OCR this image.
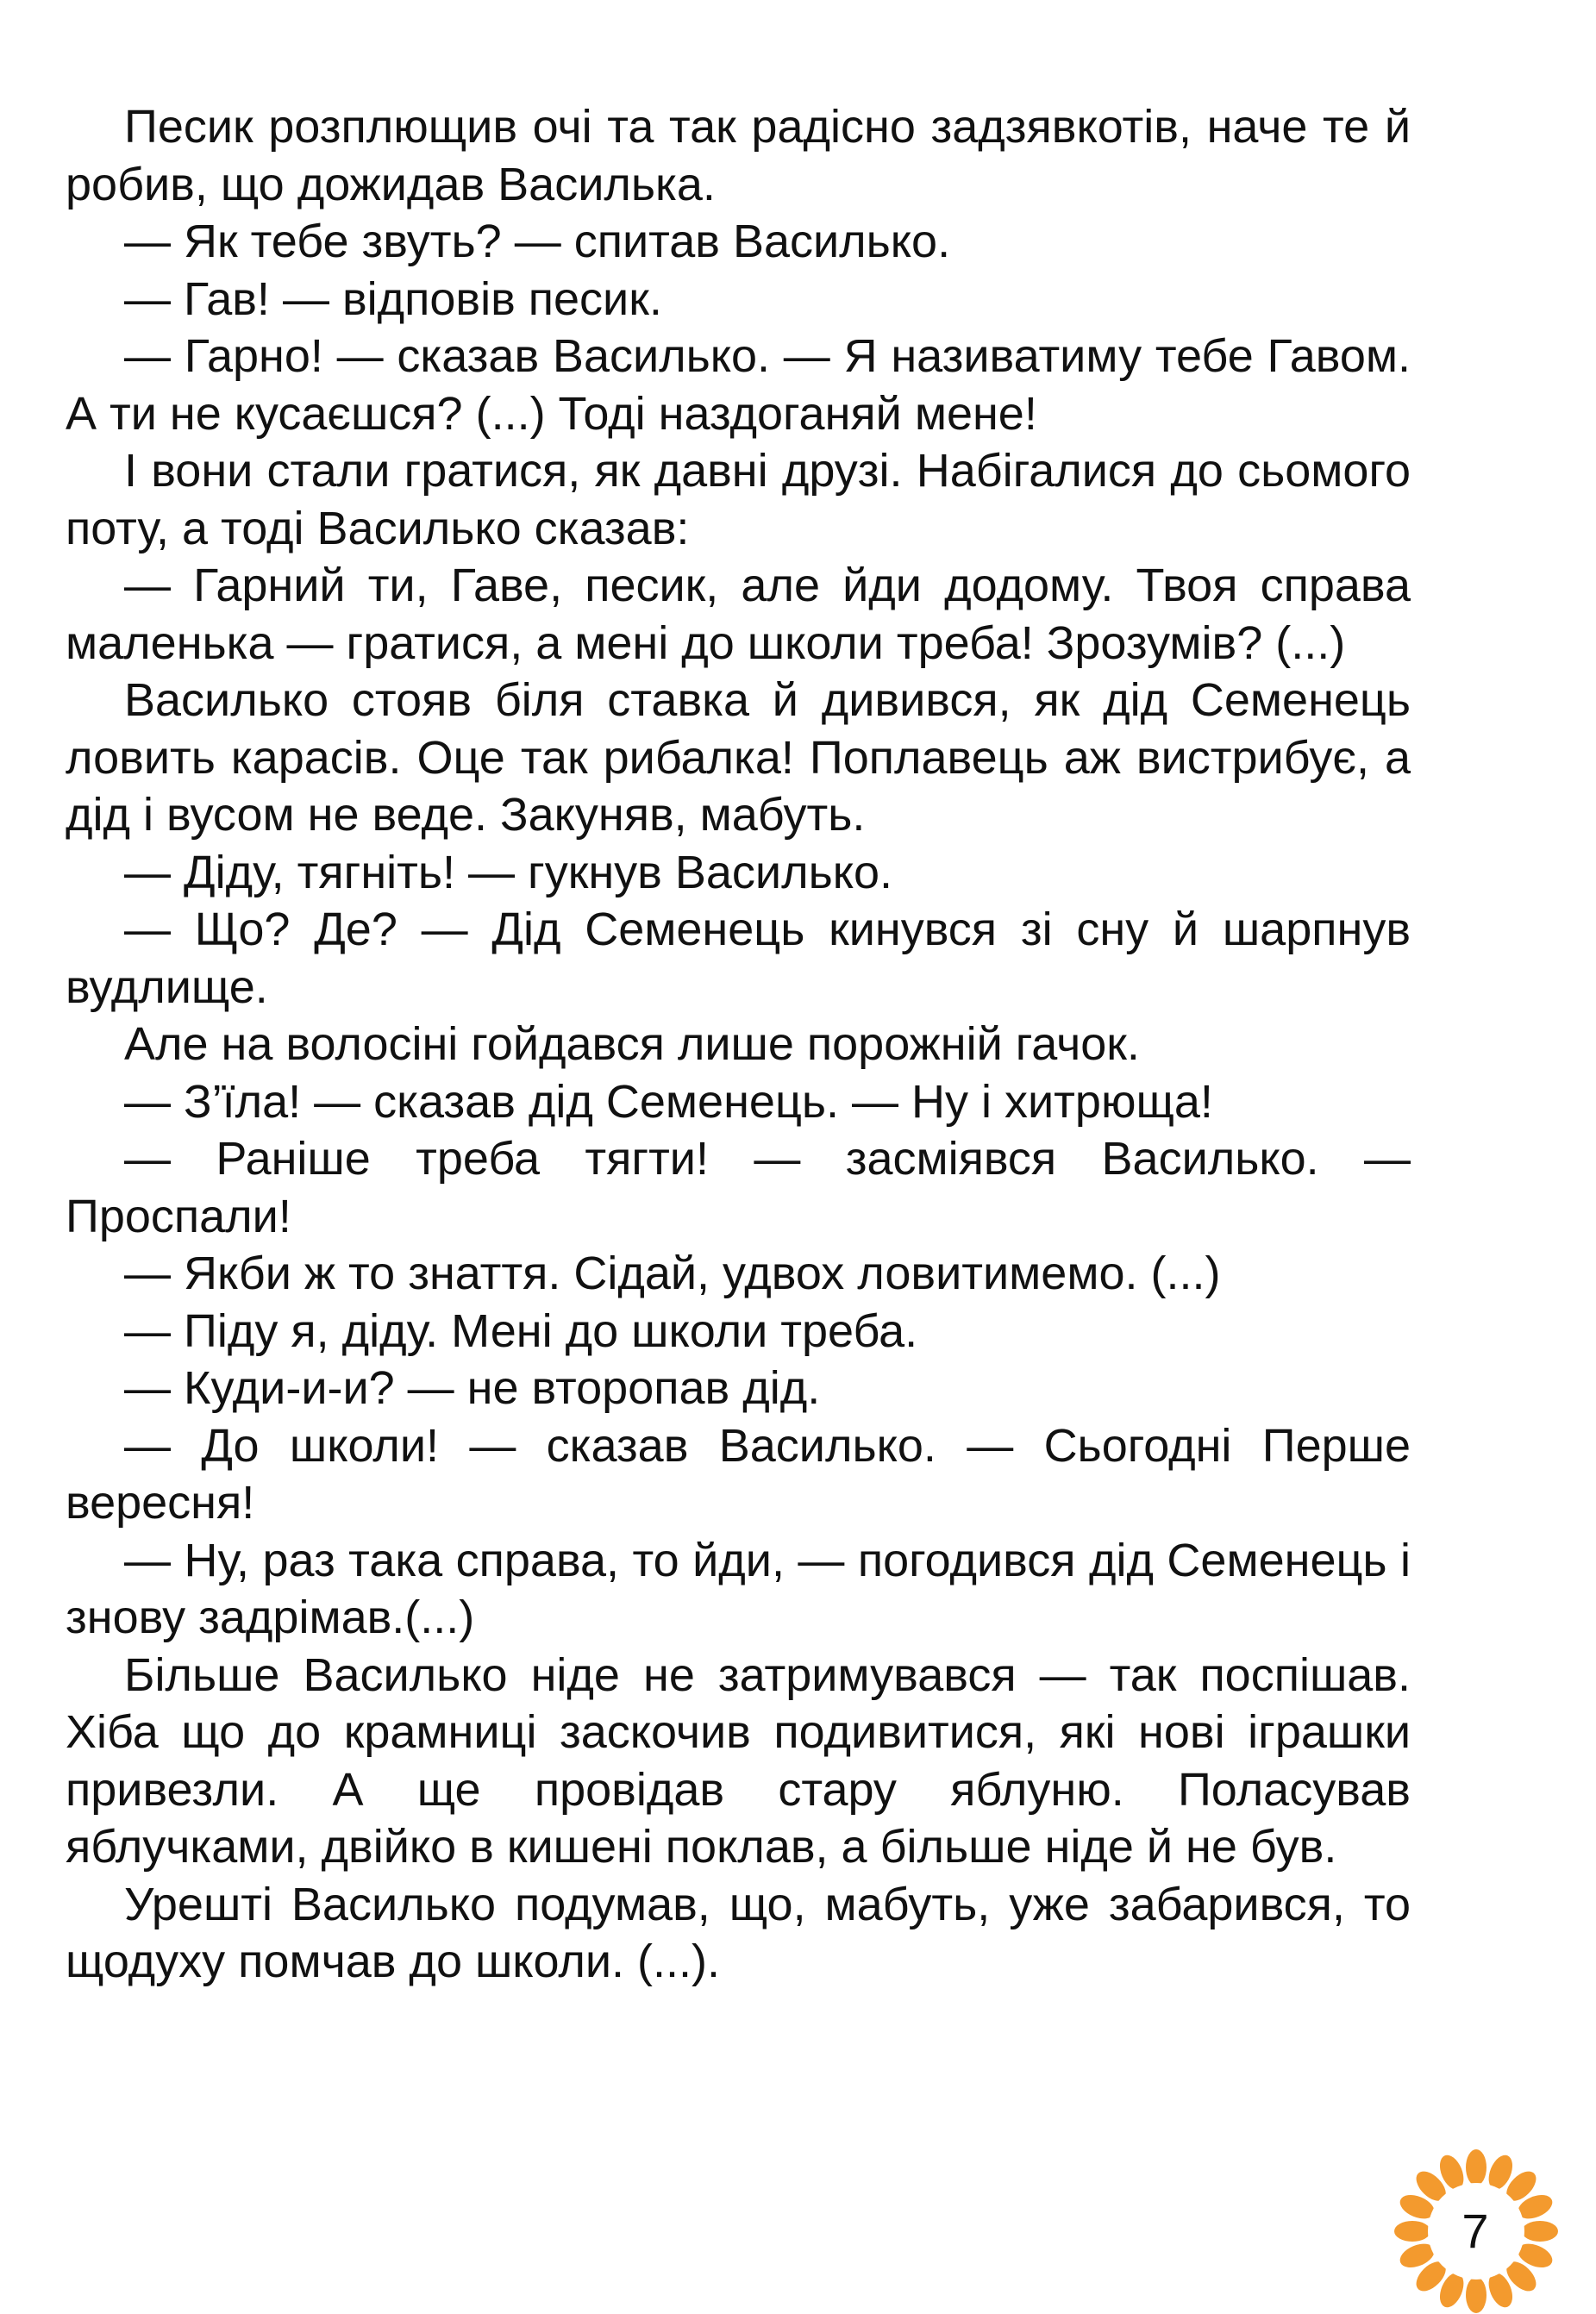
Песик розплющив очі та так радісно задзявкотів, наче те й робив, що дожидав Василька.

— Як тебе звуть? — спитав Василько.

— Гав! — відповів песик.

— Гарно! — сказав Василько. — Я називатиму тебе Гавом. А ти не кусаєшся? (...) Тоді наздоганяй мене!

І вони стали гратися, як давні друзі. Набігалися до сьомого поту, а тоді Василько сказав:

— Гарний ти, Гаве, песик, але йди додому. Твоя справа маленька — гратися, а мені до школи треба! Зрозумів? (...)

Василько стояв біля ставка й дивився, як дід Семенець ловить карасів. Оце так рибалка! Поплавець аж вистрибує, а дід і вусом не веде. Закуняв, мабуть.

— Діду, тягніть! — гукнув Василько.

— Що? Де? — Дід Семенець кинувся зі сну й шарпнув вудлище.

Але на волосіні гойдався лише порожній гачок.

— З’їла! — сказав дід Семенець. — Ну і хитрюща!

— Раніше треба тягти! — засміявся Василько. — Проспали!

— Якби ж то знаття. Сідай, удвох ловитимемо. (...)

— Піду я, діду. Мені до школи треба.

— Куди-и-и? — не второпав дід.

— До школи! — сказав Василько. — Сьогодні Перше вересня!

— Ну, раз така справа, то йди, — погодився дід Семенець і знову задрімав.(...)

Більше Василько ніде не затримувався — так поспішав. Хіба що до крамниці заскочив подивитися, які нові іграшки привезли. А ще провідав стару яблуню. Поласував яблучками, двійко в кишені поклав, а більше ніде й не був.

Урешті Василько подумав, що, мабуть, уже забарився, то щодуху помчав до школи. (...).

7
